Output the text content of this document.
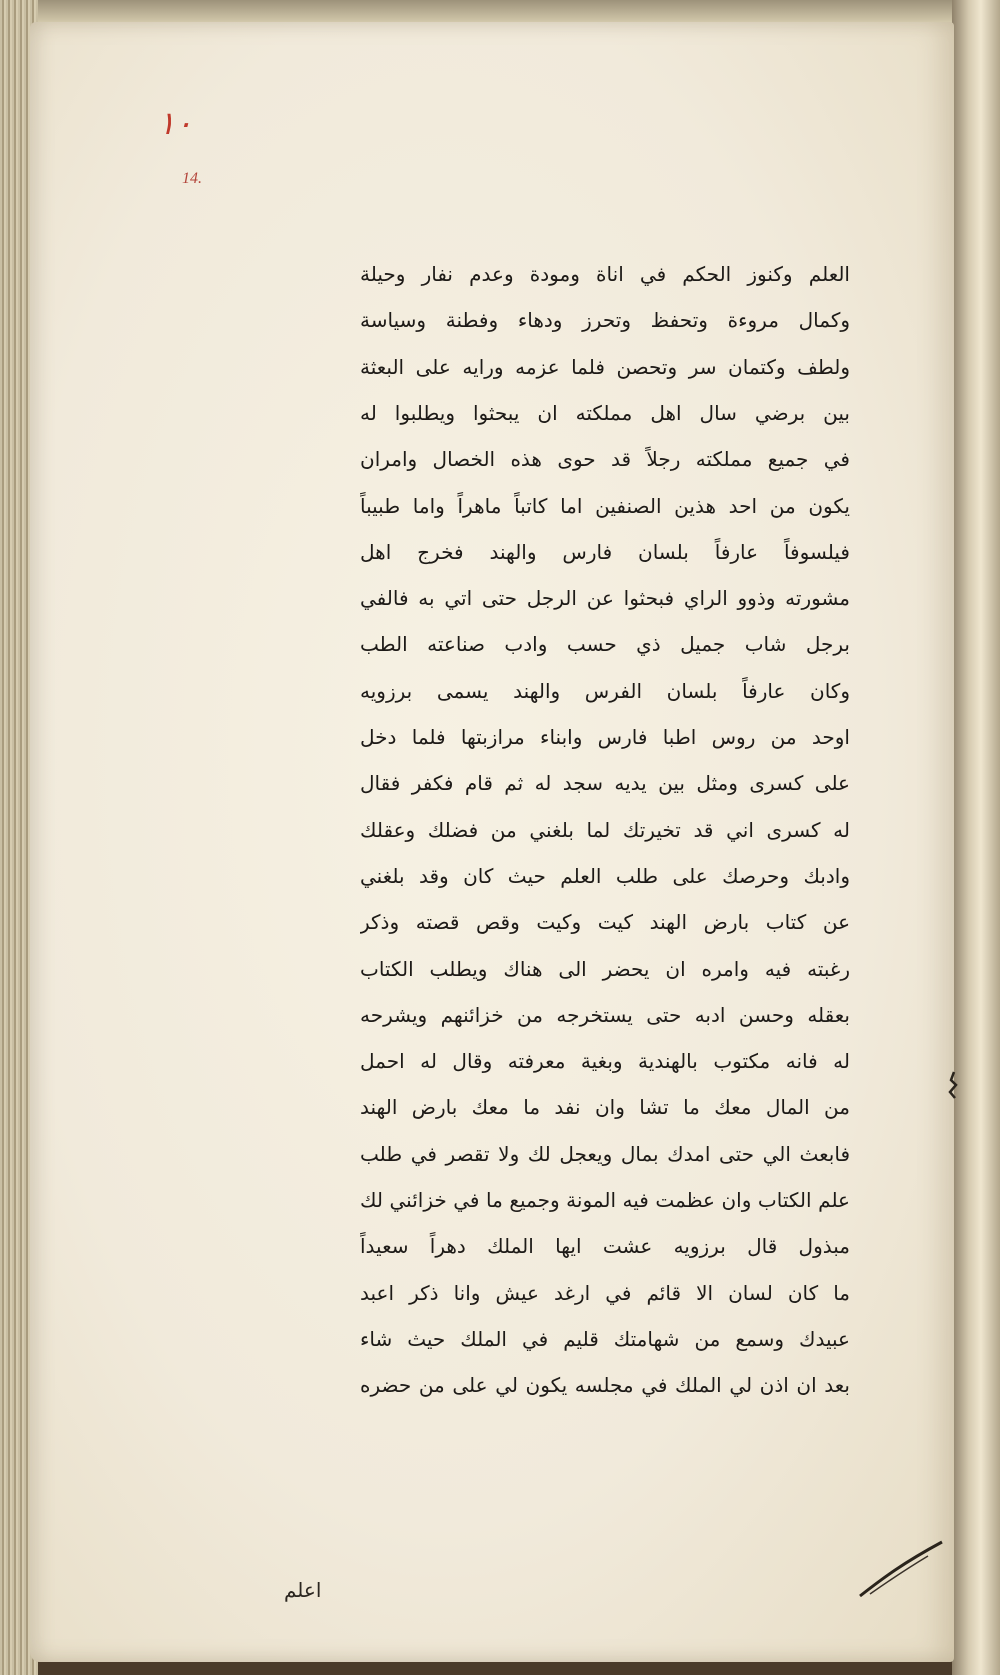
١٠
14.
العلم وكنوز الحكم في اناة ومودة وعدم نفار وحيلة
وكمال مروءة وتحفظ وتحرز ودهاء وفطنة وسياسة
ولطف وكتمان سر وتحصن فلما عزمه ورايه على البعثة
بين برضي سال اهل مملكته ان يبحثوا ويطلبوا له
في جميع مملكته رجلاً قد حوى هذه الخصال وامران
يكون من احد هذين الصنفين اما كاتباً ماهراً واما طبيباً
فيلسوفاً عارفاً بلسان فارس والهند فخرج اهل
مشورته وذوو الراي فبحثوا عن الرجل حتى اتي به فالفي
برجل شاب جميل ذي حسب وادب صناعته الطب
وكان عارفاً بلسان الفرس والهند يسمى برزويه
اوحد من روس اطبا فارس وابناء مرازبتها فلما دخل
على كسرى ومثل بين يديه سجد له ثم قام فكفر فقال
له كسرى اني قد تخيرتك لما بلغني من فضلك وعقلك
وادبك وحرصك على طلب العلم حيث كان وقد بلغني
عن كتاب بارض الهند كيت وكيت وقص قصته وذكر
رغبته فيه وامره ان يحضر الى هناك ويطلب الكتاب
بعقله وحسن ادبه حتى يستخرجه من خزائنهم ويشرحه
له فانه مكتوب بالهندية وبغية معرفته وقال له احمل
من المال معك ما تشا وان نفد ما معك بارض الهند
فابعث الي حتى امدك بمال ويعجل لك ولا تقصر في طلب
علم الكتاب وان عظمت فيه المونة وجميع ما في خزائني لك
مبذول قال برزويه عشت ايها الملك دهراً سعيداً
ما كان لسان الا قائم في ارغد عيش وانا ذكر اعبد
عبيدك وسمع من شهامتك قليم في الملك حيث شاء
بعد ان اذن لي الملك في مجلسه يكون لي على من حضره
اعلم
